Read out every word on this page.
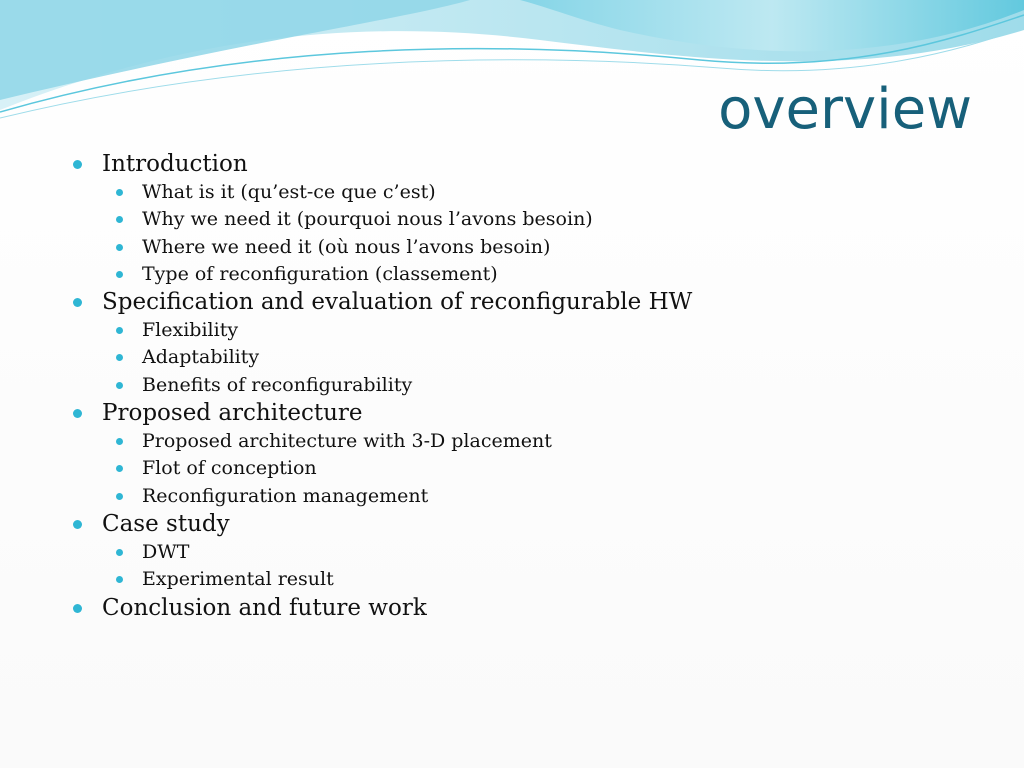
overview
Introduction
What is it (qu’est-ce que c’est)
Why we need it (pourquoi nous l’avons besoin)
Where we need it (où nous l’avons besoin)
Type of reconfiguration (classement)
Specification and evaluation of reconfigurable HW
Flexibility
Adaptability
Benefits of reconfigurability
Proposed architecture
Proposed architecture with 3-D placement
Flot of conception
Reconfiguration management
Case study
DWT
Experimental result
Conclusion and future work
